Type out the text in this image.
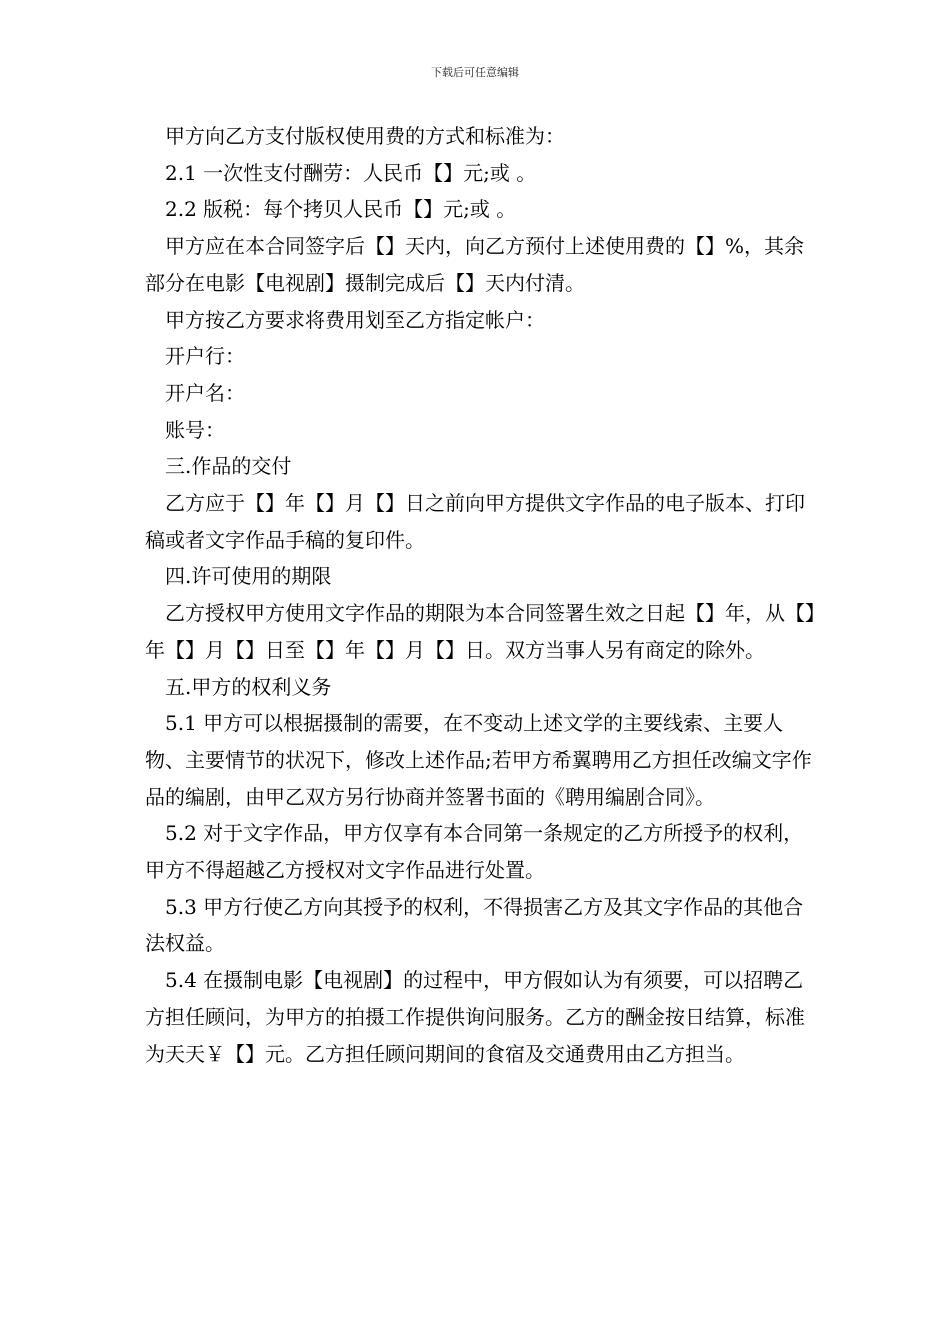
下载后可任意编辑

甲方向乙方支付版权使用费的方式和标准为：

2.1 一次性支付酬劳：人民币【】元;或 。

2.2 版税：每个拷贝人民币【】元;或 。

甲方应在本合同签字后【】天内，向乙方预付上述使用费的【】%，其余部分在电影【电视剧】摄制完成后【】天内付清。

甲方按乙方要求将费用划至乙方指定帐户：

开户行：

开户名：

账号：

三.作品的交付

乙方应于【】年【】月【】日之前向甲方提供文字作品的电子版本、打印稿或者文字作品手稿的复印件。

四.许可使用的期限

乙方授权甲方使用文字作品的期限为本合同签署生效之日起【】年，从【】年【】月【】日至【】年【】月【】日。双方当事人另有商定的除外。

五.甲方的权利义务

5.1 甲方可以根据摄制的需要，在不变动上述文学的主要线索、主要人物、主要情节的状况下，修改上述作品;若甲方希翼聘用乙方担任改编文字作品的编剧，由甲乙双方另行协商并签署书面的《聘用编剧合同》。

5.2 对于文字作品，甲方仅享有本合同第一条规定的乙方所授予的权利，甲方不得超越乙方授权对文字作品进行处置。

5.3 甲方行使乙方向其授予的权利，不得损害乙方及其文字作品的其他合法权益。

5.4 在摄制电影【电视剧】的过程中，甲方假如认为有须要，可以招聘乙方担任顾问，为甲方的拍摄工作提供询问服务。乙方的酬金按日结算，标准为天天￥【】元。乙方担任顾问期间的食宿及交通费用由乙方担当。
